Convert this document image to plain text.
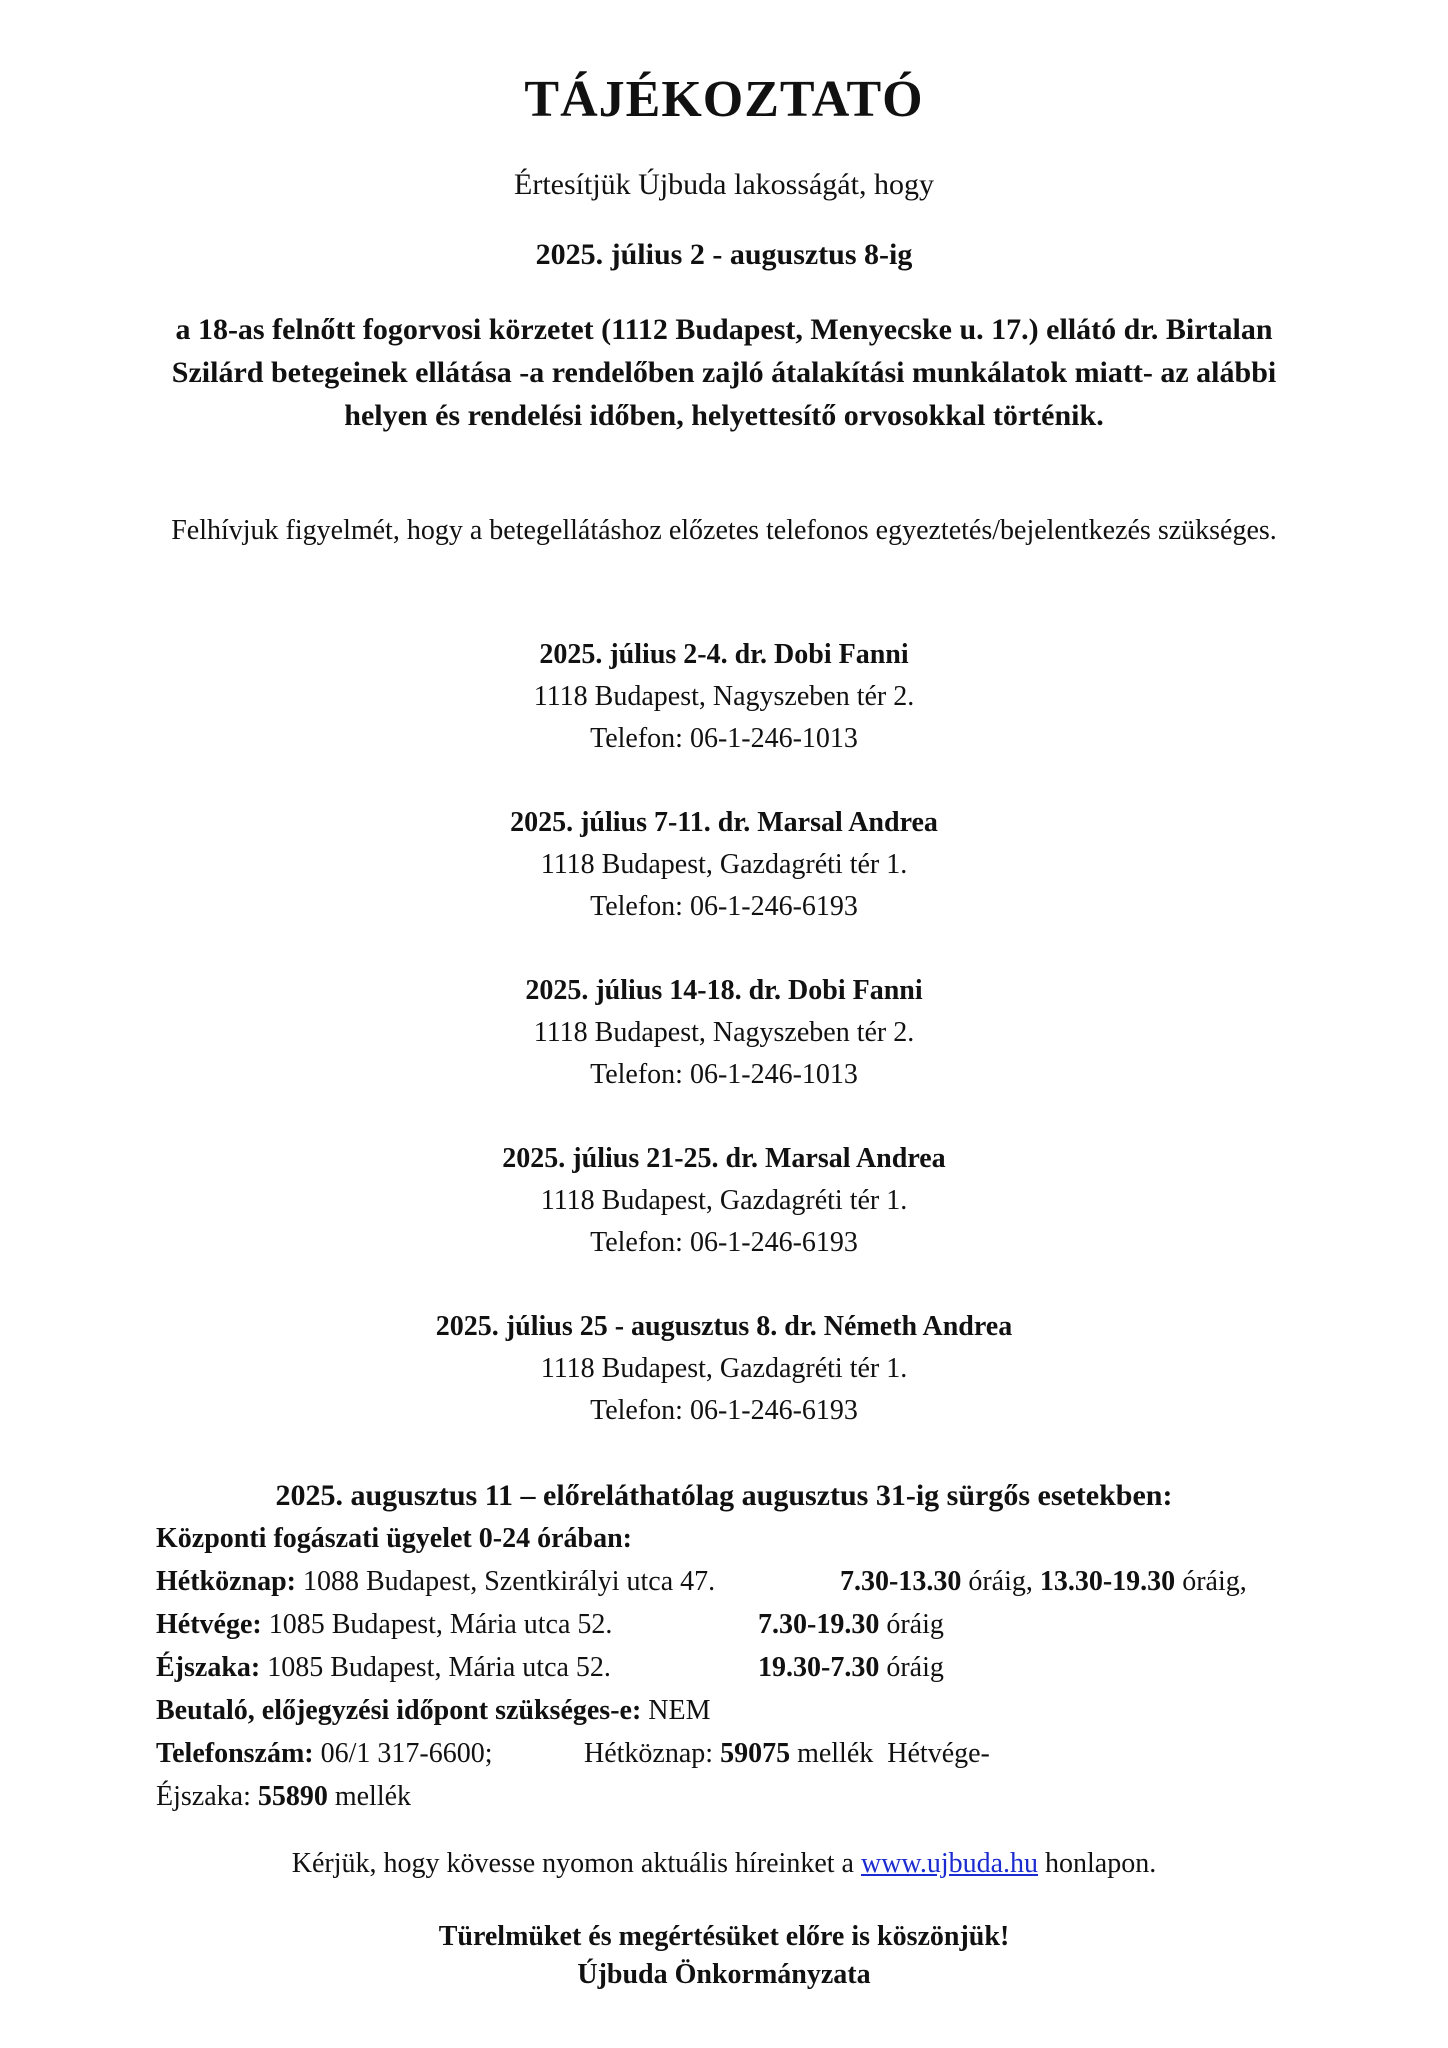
TÁJÉKOZTATÓ
Értesítjük Újbuda lakosságát, hogy
2025. július 2 - augusztus 8-ig
a 18-as felnőtt fogorvosi körzetet (1112 Budapest, Menyecske u. 17.) ellátó dr. Birtalan Szilárd betegeinek ellátása -a rendelőben zajló átalakítási munkálatok miatt- az alábbi helyen és rendelési időben, helyettesítő orvosokkal történik.
Felhívjuk figyelmét, hogy a betegellátáshoz előzetes telefonos egyeztetés/bejelentkezés szükséges.
2025. július 2-4. dr. Dobi Fanni
1118 Budapest, Nagyszeben tér 2.
Telefon: 06-1-246-1013
2025. július 7-11. dr. Marsal Andrea
1118 Budapest, Gazdagréti tér 1.
Telefon: 06-1-246-6193
2025. július 14-18. dr. Dobi Fanni
1118 Budapest, Nagyszeben tér 2.
Telefon: 06-1-246-1013
2025. július 21-25. dr. Marsal Andrea
1118 Budapest, Gazdagréti tér 1.
Telefon: 06-1-246-6193
2025. július 25 - augusztus 8. dr. Németh Andrea
1118 Budapest, Gazdagréti tér 1.
Telefon: 06-1-246-6193
2025. augusztus 11 – előreláthatólag augusztus 31-ig sürgős esetekben:
Központi fogászati ügyelet 0-24 órában:
Hétköznap: 1088 Budapest, Szentkirályi utca 47.	7.30-13.30 óráig, 13.30-19.30 óráig,
Hétvége: 1085 Budapest, Mária utca 52.	7.30-19.30 óráig
Éjszaka: 1085 Budapest, Mária utca 52.	19.30-7.30 óráig
Beutaló, előjegyzési időpont szükséges-e: NEM
Telefonszám: 06/1 317-6600;	Hétköznap: 59075 mellék Hétvége-
Éjszaka: 55890 mellék
Kérjük, hogy kövesse nyomon aktuális híreinket a www.ujbuda.hu honlapon.
Türelmüket és megértésüket előre is köszönjük!
Újbuda Önkormányzata
